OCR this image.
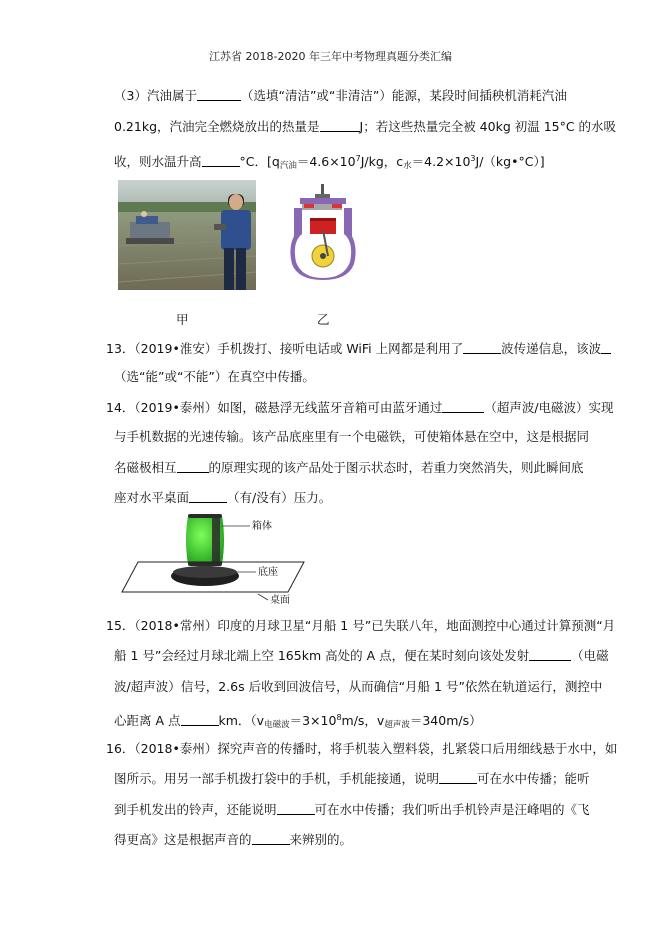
江苏省 2018-2020 年三年中考物理真题分类汇编
（3）汽油属于	（选填“清洁”或“非清洁”）能源，某段时间插秧机消耗汽油
0.21kg，汽油完全燃烧放出的热量是	J；若这些热量完全被 40kg 初温 15°C 的水吸
收，则水温升高	°C．[$q_{汽油}=4.6\times 10^7J/kg$，$c_水=4.2\times 10^3J/(kg•^\circ C)$]
甲	乙
13．（2019•淮安）手机拨打、接听电话或 WiFi 上网都是利用了	波传递信息，该波
（选“能”或“不能”）在真空中传播。
14．（2019•泰州）如图，磁悬浮无线蓝牙音箱可由蓝牙通过	（超声波/电磁波）实现
与手机数据的光速传输。该产品底座里有一个电磁铁，可使箱体悬在空中，这是根据同
名磁极相互	的原理实现的该产品处于图示状态时，若重力突然消失，则此瞬间底
座对水平桌面	（有/没有）压力。
箱体
底座
桌面
15．（2018•常州）印度的月球卫星“月船 1 号”已失联八年，地面测控中心通过计算预测“月
船 1 号”会经过月球北端上空 165km 高处的 A 点，便在某时刻向该处发射	（电磁
波/超声波）信号，2.6s 后收到回波信号，从而确信“月船 1 号”依然在轨道运行，测控中
心距离 A 点	km．（$v_{电磁波}=3\times 10^8m/s$，$v_{超声波}=340m/s$）
16．（2018•泰州）探究声音的传播时，将手机装入塑料袋，扎紧袋口后用细线悬于水中，如
图所示。用另一部手机拨打袋中的手机，手机能接通，说明	可在水中传播；能听
到手机发出的铃声，还能说明	可在水中传播；我们听出手机铃声是汪峰唱的《飞
得更高》这是根据声音的	来辨别的。
